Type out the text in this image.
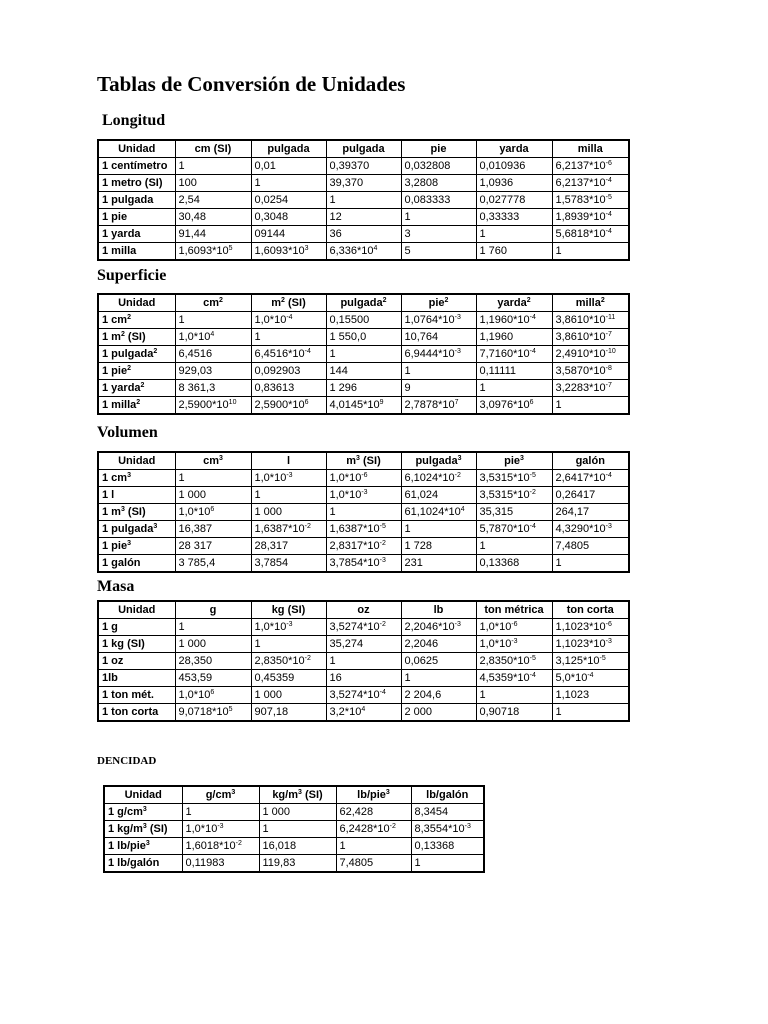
Tablas de Conversión de Unidades
Longitud
Unidad	cm (SI)	pulgada	pulgada	pie	yarda	milla
1 centímetro	1	0,01	0,39370	0,032808	0,010936	$6,2137*10^{-6}$
1 metro (SI)	100	1	39,370	3,2808	1,0936	$6,2137*10^{-4}$
1 pulgada	2,54	0,0254	1	0,083333	0,027778	$1,5783*10^{-5}$
1 pie	30,48	0,3048	12	1	0,33333	$1,8939*10^{-4}$
1 yarda	91,44	09144	36	3	1	$5,6818*10^{-4}$
1 milla	$1,6093*10^5$	$1,6093*10^3$	$6,336*10^4$	5	1 760	1
Superficie
Unidad	$cm^2$	$m^2$ (SI)	pulgada$^2$	pie$^2$	yarda$^2$	milla$^2$
1 $cm^2$	1	$1,0*10^{-4}$	0,15500	$1,0764*10^{-3}$	$1,1960*10^{-4}$	$3,8610*10^{-11}$
1 $m^2$ (SI)	$1,0*10^4$	1	1 550,0	10,764	1,1960	$3,8610*10^{-7}$
1 pulgada$^2$	6,4516	$6,4516*10^{-4}$	1	$6,9444*10^{-3}$	$7,7160*10^{-4}$	$2,4910*10^{-10}$
1 pie$^2$	929,03	0,092903	144	1	0,11111	$3,5870*10^{-8}$
1 yarda$^2$	8 361,3	0,83613	1 296	9	1	$3,2283*10^{-7}$
1 milla$^2$	$2,5900*10^{10}$	$2,5900*10^6$	$4,0145*10^9$	$2,7878*10^7$	$3,0976*10^6$	1
Volumen
Unidad	$cm^3$	l	$m^3$ (SI)	pulgada$^3$	pie$^3$	galón
1 $cm^3$	1	$1,0*10^{-3}$	$1,0*10^{-6}$	$6,1024*10^{-2}$	$3,5315*10^{-5}$	$2,6417*10^{-4}$
1 l	1 000	1	$1,0*10^{-3}$	61,024	$3,5315*10^{-2}$	0,26417
1 $m^3$ (SI)	$1,0*10^6$	1 000	1	$61,1024*10^4$	35,315	264,17
1 pulgada$^3$	16,387	$1,6387*10^{-2}$	$1,6387*10^{-5}$	1	$5,7870*10^{-4}$	$4,3290*10^{-3}$
1 pie$^3$	28 317	28,317	$2,8317*10^{-2}$	1 728	1	7,4805
1 galón	3 785,4	3,7854	$3,7854*10^{-3}$	231	0,13368	1
Masa
Unidad	g	kg (SI)	oz	lb	ton métrica	ton corta
1 g	1	$1,0*10^{-3}$	$3,5274*10^{-2}$	$2,2046*10^{-3}$	$1,0*10^{-6}$	$1,1023*10^{-6}$
1 kg (SI)	1 000	1	35,274	2,2046	$1,0*10^{-3}$	$1,1023*10^{-3}$
1 oz	28,350	$2,8350*10^{-2}$	1	0,0625	$2,8350*10^{-5}$	$3,125*10^{-5}$
1lb	453,59	0,45359	16	1	$4,5359*10^{-4}$	$5,0*10^{-4}$
1 ton mét.	$1,0*10^6$	1 000	$3,5274*10^{-4}$	2 204,6	1	1,1023
1 ton corta	$9,0718*10^5$	907,18	$3,2*10^4$	2 000	0,90718	1
DENCIDAD
Unidad	$g/cm^3$	$kg/m^3$ (SI)	lb/pie$^3$	lb/galón
1 $g/cm^3$	1	1 000	62,428	8,3454
1 $kg/m^3$ (SI)	$1,0*10^{-3}$	1	$6,2428*10^{-2}$	$8,3554*10^{-3}$
1 lb/pie$^3$	$1,6018*10^{-2}$	16,018	1	0,13368
1 lb/galón	0,11983	119,83	7,4805	1
